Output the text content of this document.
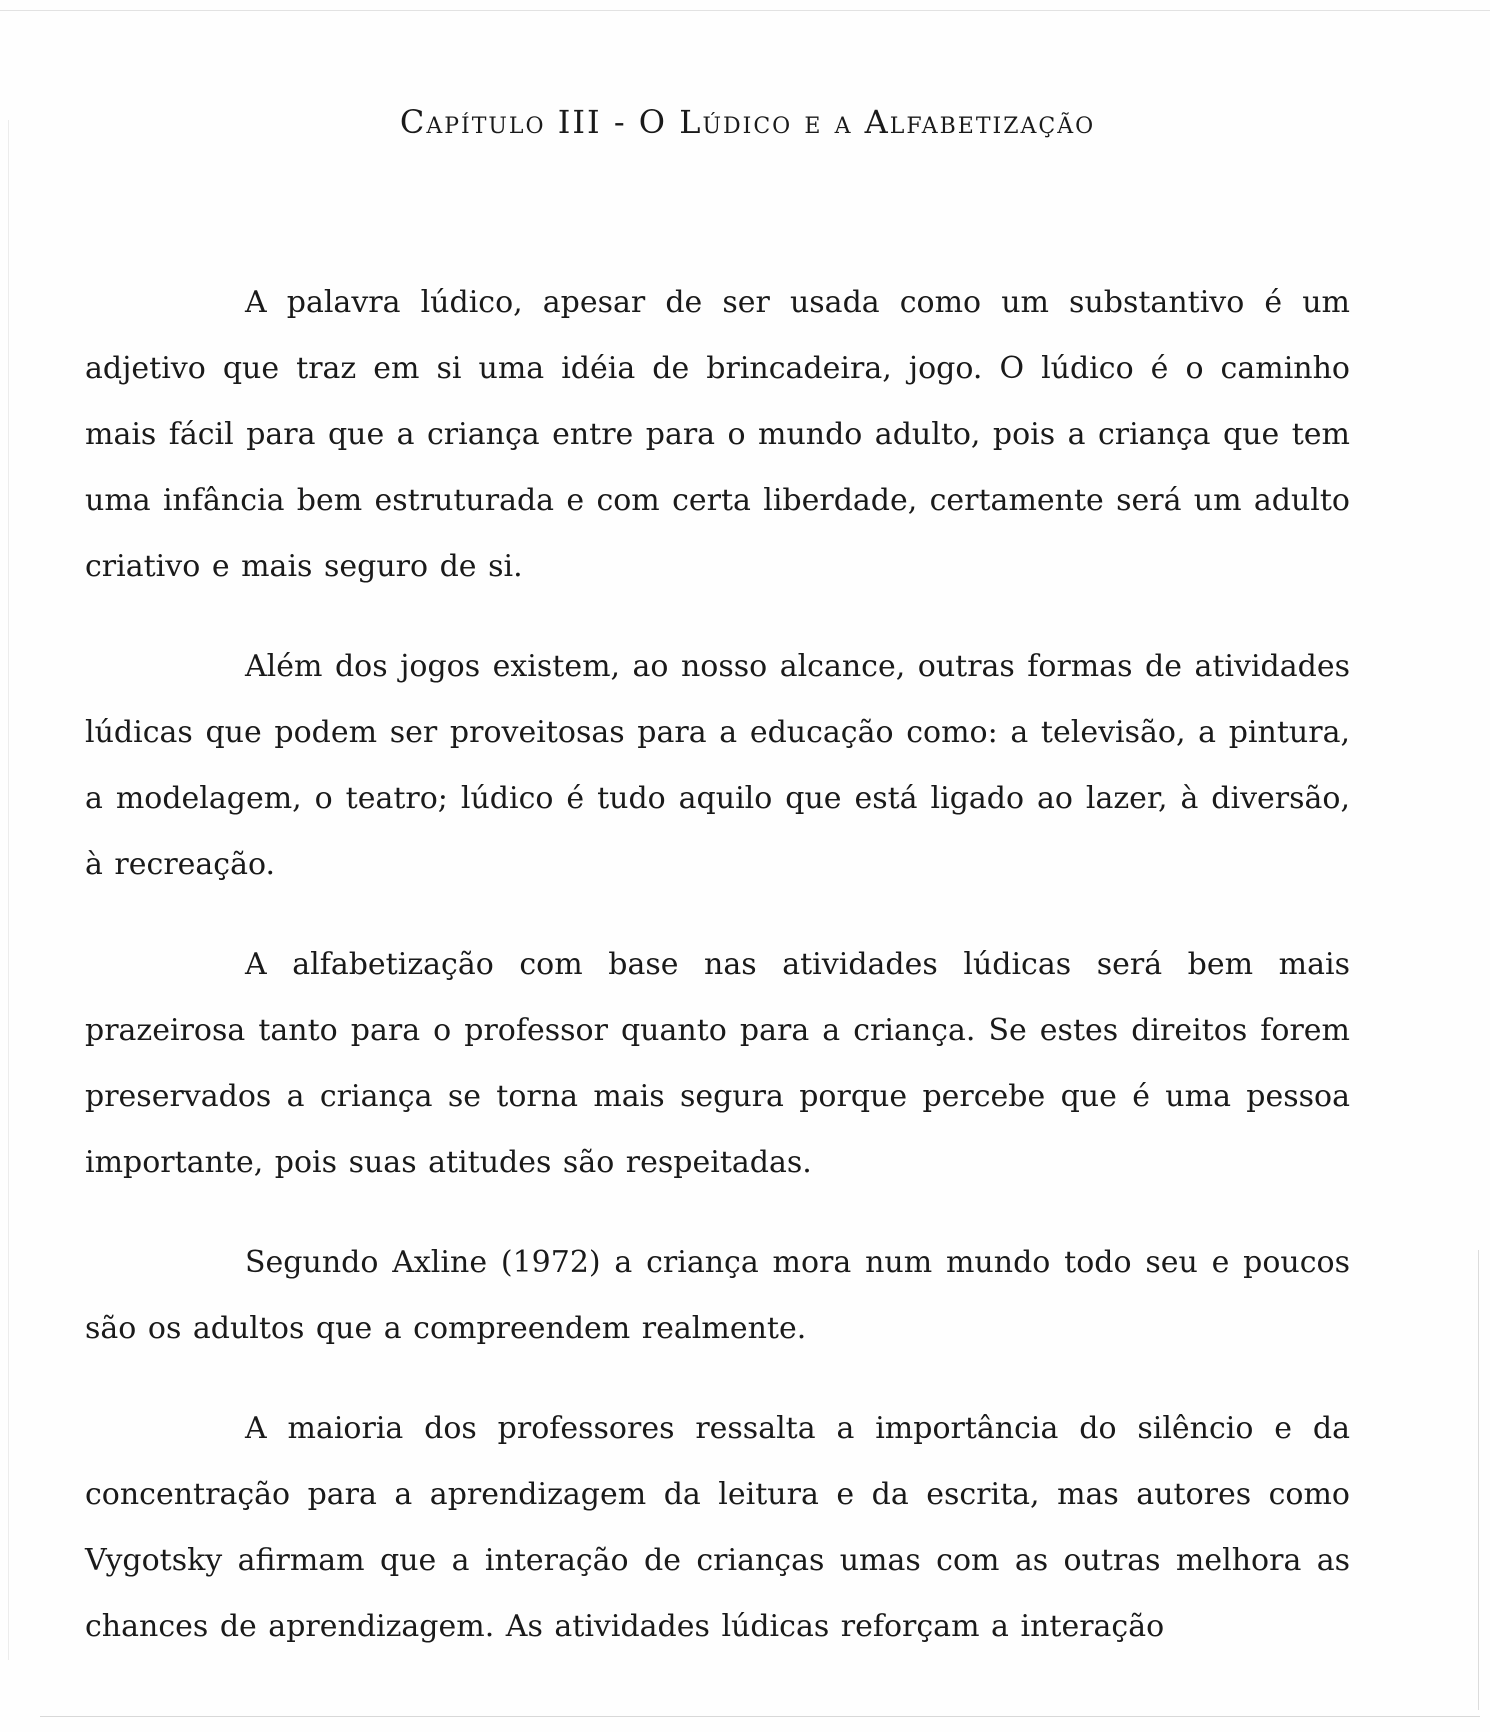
Capítulo III - O Lúdico e a Alfabetização

A palavra lúdico, apesar de ser usada como um substantivo é um adjetivo que traz em si uma idéia de brincadeira, jogo. O lúdico é o caminho mais fácil para que a criança entre para o mundo adulto, pois a criança que tem uma infância bem estruturada e com certa liberdade, certamente será um adulto criativo e mais seguro de si.

Além dos jogos existem, ao nosso alcance, outras formas de atividades lúdicas que podem ser proveitosas para a educação como: a televisão, a pintura, a modelagem, o teatro; lúdico é tudo aquilo que está ligado ao lazer, à diversão, à recreação.

A alfabetização com base nas atividades lúdicas será bem mais prazeirosa tanto para o professor quanto para a criança. Se estes direitos forem preservados a criança se torna mais segura porque percebe que é uma pessoa importante, pois suas atitudes são respeitadas.

Segundo Axline (1972) a criança mora num mundo todo seu e poucos são os adultos que a compreendem realmente.

A maioria dos professores ressalta a importância do silêncio e da concentração para a aprendizagem da leitura e da escrita, mas autores como Vygotsky afirmam que a interação de crianças umas com as outras melhora as chances de aprendizagem. As atividades lúdicas reforçam a interação
